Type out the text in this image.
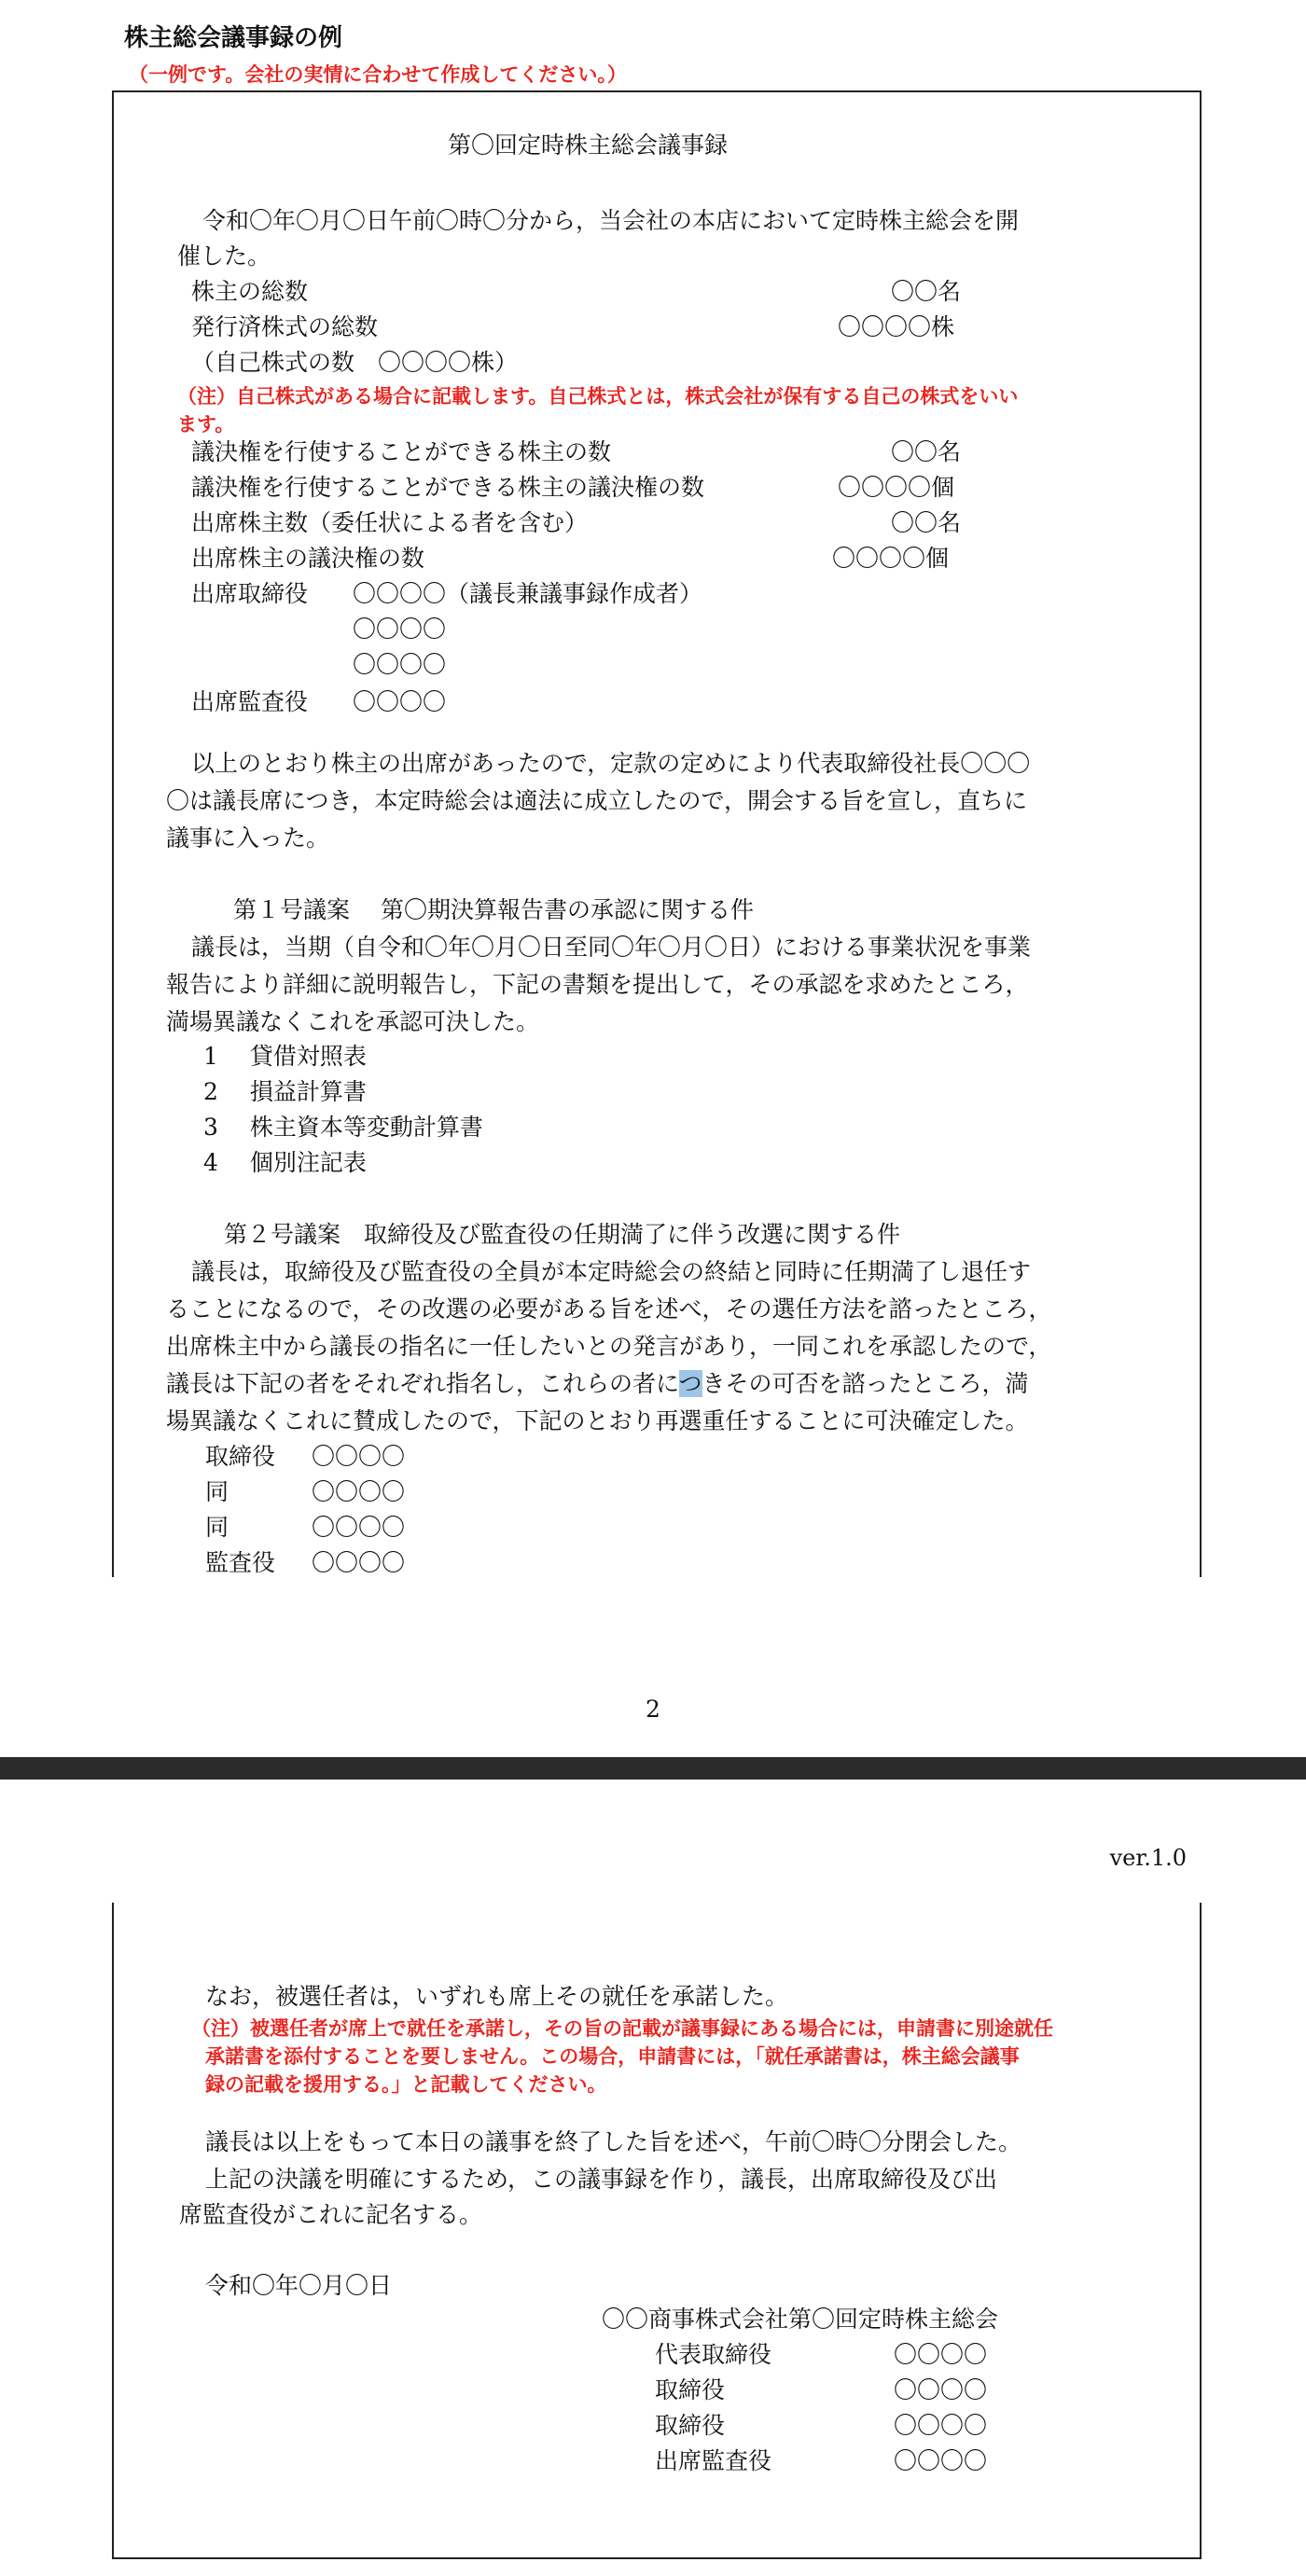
株主総会議事録の例
（一例です。会社の実情に合わせて作成してください。）
第〇回定時株主総会議事録
令和〇年〇月〇日午前〇時〇分から，当会社の本店において定時株主総会を開
催した。
株主の総数	〇〇名
発行済株式の総数	〇〇〇〇株
（自己株式の数　〇〇〇〇株）
（注）自己株式がある場合に記載します。自己株式とは，株式会社が保有する自己の株式をいい
ます。
議決権を行使することができる株主の数	〇〇名
議決権を行使することができる株主の議決権の数	〇〇〇〇個
出席株主数（委任状による者を含む）	〇〇名
出席株主の議決権の数	〇〇〇〇個
出席取締役 〇〇〇〇（議長兼議事録作成者）
〇〇〇〇
〇〇〇〇
出席監査役 〇〇〇〇
以上のとおり株主の出席があったので，定款の定めにより代表取締役社長〇〇〇
〇は議長席につき，本定時総会は適法に成立したので，開会する旨を宣し，直ちに
議事に入った。
第１号議案　 第〇期決算報告書の承認に関する件
議長は，当期（自令和〇年〇月〇日至同〇年〇月〇日）における事業状況を事業
報告により詳細に説明報告し，下記の書類を提出して，その承認を求めたところ，
満場異議なくこれを承認可決した。
1 貸借対照表
2 損益計算書
3 株主資本等変動計算書
4 個別注記表
第２号議案　取締役及び監査役の任期満了に伴う改選に関する件
議長は，取締役及び監査役の全員が本定時総会の終結と同時に任期満了し退任す
ることになるので，その改選の必要がある旨を述べ，その選任方法を諮ったところ，
出席株主中から議長の指名に一任したいとの発言があり，一同これを承認したので，
議長は下記の者をそれぞれ指名し，これらの者につきその可否を諮ったところ，満
場異議なくこれに賛成したので，下記のとおり再選重任することに可決確定した。
取締役 〇〇〇〇
同	〇〇〇〇
同	〇〇〇〇
監査役 〇〇〇〇
2
ver.1.0
なお，被選任者は，いずれも席上その就任を承諾した。
（注）被選任者が席上で就任を承諾し，その旨の記載が議事録にある場合には，申請書に別途就任
承諾書を添付することを要しません。この場合，申請書には，「就任承諾書は，株主総会議事
録の記載を援用する。」と記載してください。
議長は以上をもって本日の議事を終了した旨を述べ，午前〇時〇分閉会した。
上記の決議を明確にするため，この議事録を作り，議長，出席取締役及び出
席監査役がこれに記名する。
令和〇年〇月〇日
〇〇商事株式会社第〇回定時株主総会
代表取締役	〇〇〇〇
取締役	〇〇〇〇
取締役	〇〇〇〇
出席監査役	〇〇〇〇
